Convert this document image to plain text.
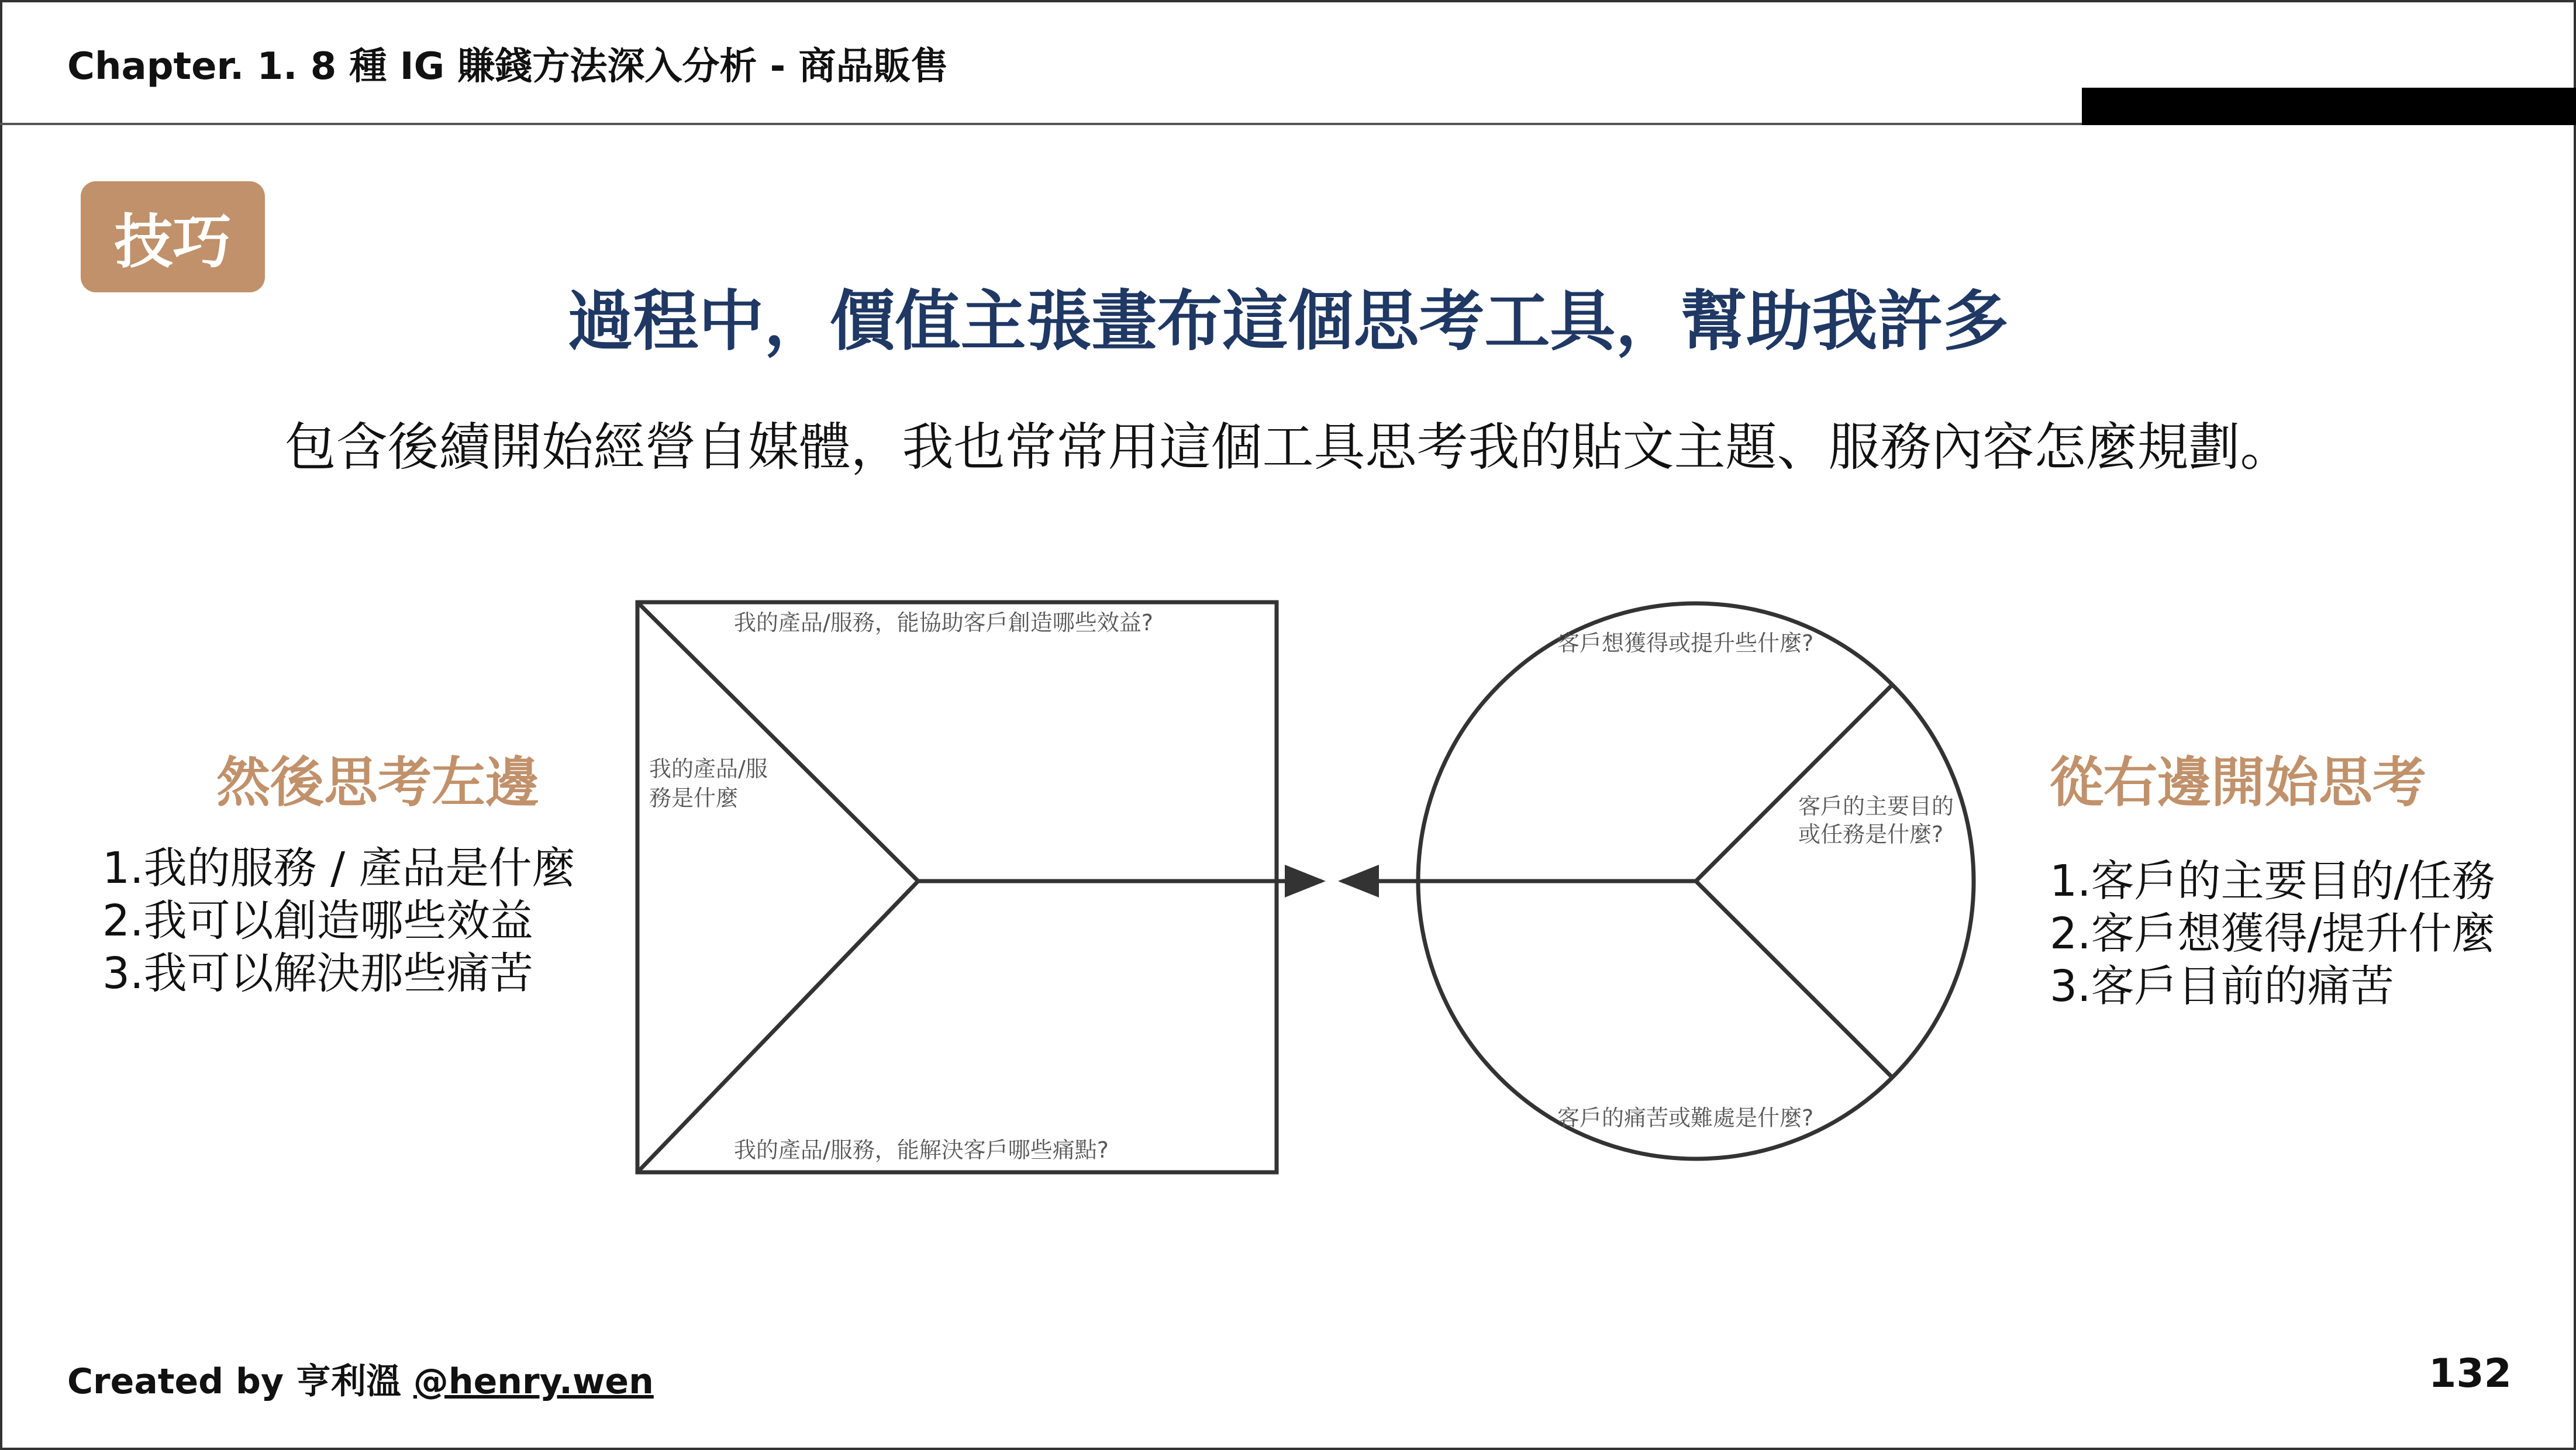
Chapter. 1. 8 種 IG 賺錢方法深入分析 - 商品販售
技巧
過程中，價值主張畫布這個思考工具，幫助我許多
包含後續開始經營自媒體，我也常常用這個工具思考我的貼文主題、服務內容怎麼規劃。
然後思考左邊
1.我的服務 / 產品是什麼
2.我可以創造哪些效益
3.我可以解決那些痛苦
從右邊開始思考
1.客戶的主要目的/任務
2.客戶想獲得/提升什麼
3.客戶目前的痛苦
我的產品/服務，能協助客戶創造哪些效益?
我的產品/服
務是什麼
我的產品/服務，能解決客戶哪些痛點?
客戶想獲得或提升些什麼?
客戶的主要目的
或任務是什麼?
客戶的痛苦或難處是什麼?
Created by 亨利溫 @henry.wen	132
